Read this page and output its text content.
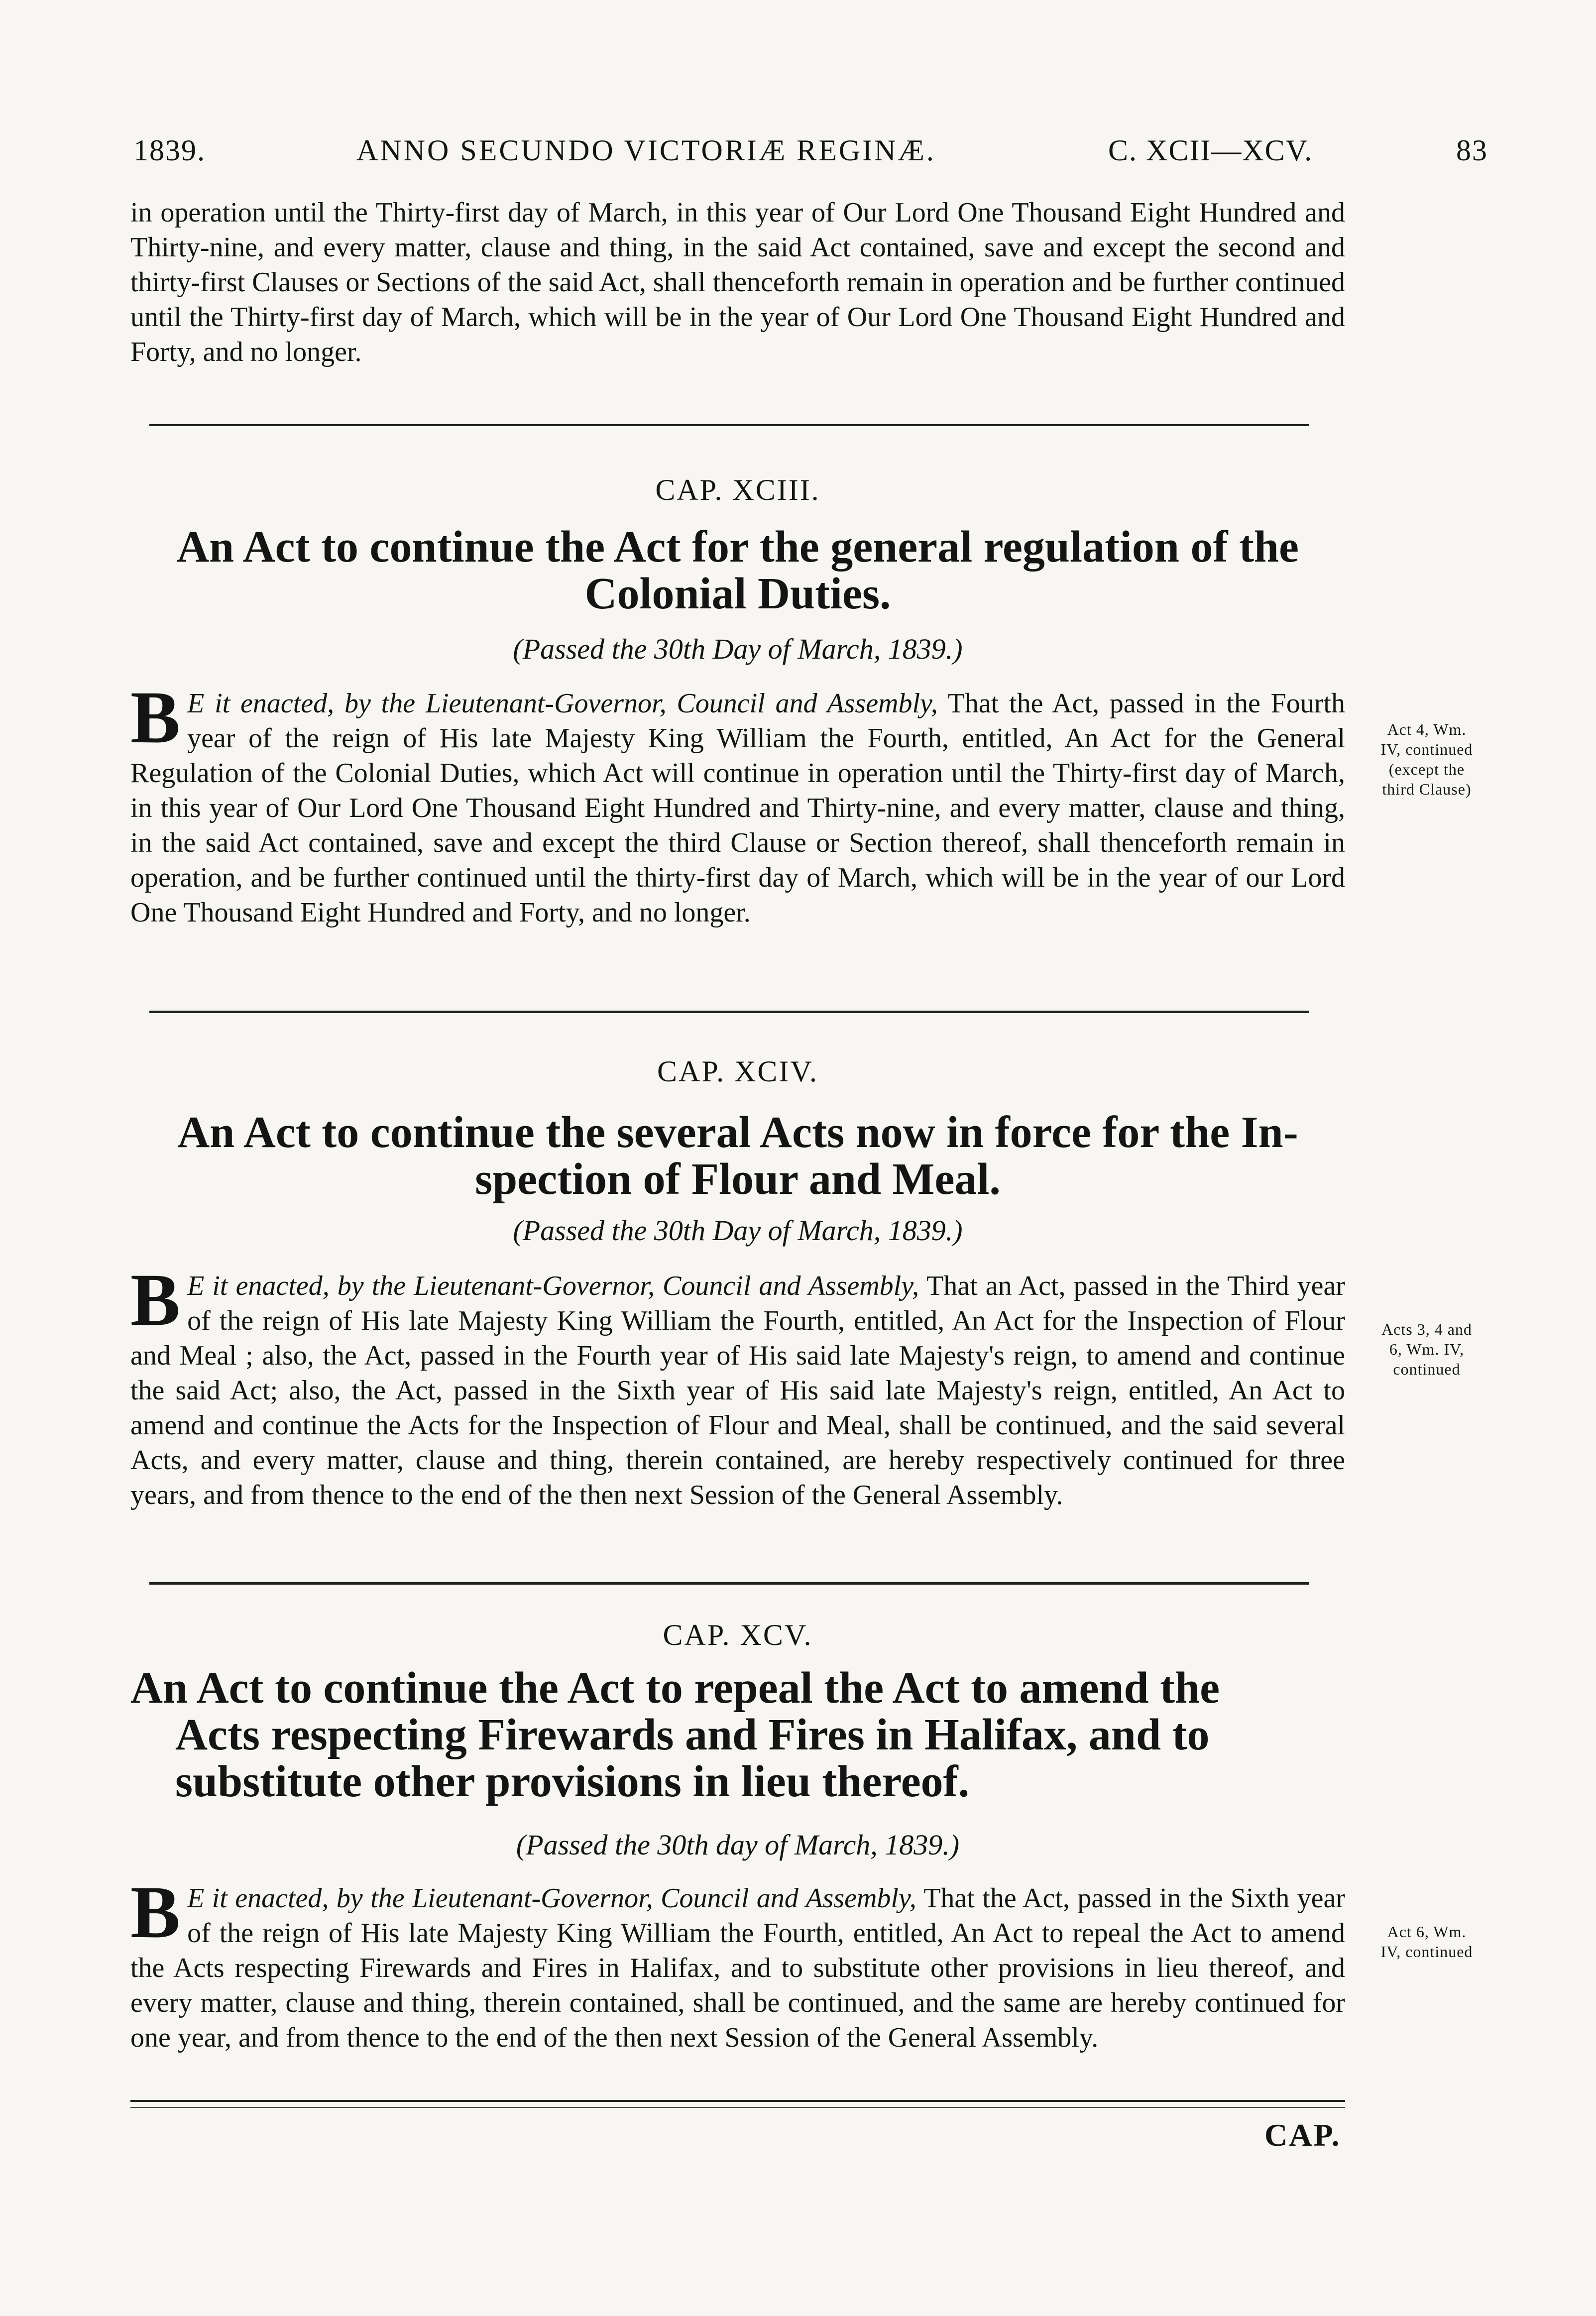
1839.	ANNO SECUNDO VICTORIÆ REGINÆ.	C. XCII—XCV.	83
in operation until the Thirty-first day of March, in this year of Our Lord One Thousand Eight Hundred and Thirty-nine, and every matter, clause and thing, in the said Act contained, save and except the second and thirty-first Clauses or Sections of the said Act, shall thenceforth remain in operation and be further continued until the Thirty-first day of March, which will be in the year of Our Lord One Thousand Eight Hundred and Forty, and no longer.
CAP. XCIII.
An Act to continue the Act for the general regulation of the
Colonial Duties.
(Passed the 30th Day of March, 1839.)
B E it enacted, by the Lieutenant-Governor, Council and Assembly, That the Act, passed in the Fourth year of the reign of His late Majesty King William the Fourth, entitled, An Act for the General Regulation of the Colonial Duties, which Act will continue in operation until the Thirty-first day of March, in this year of Our Lord One Thousand Eight Hundred and Thirty-nine, and every matter, clause and thing, in the said Act contained, save and except the third Clause or Section thereof, shall thenceforth remain in operation, and be further continued until the thirty-first day of March, which will be in the year of our Lord One Thousand Eight Hundred and Forty, and no longer.
Act 4, Wm.
IV, continued
(except the
third Clause)
CAP. XCIV.
An Act to continue the several Acts now in force for the In-
spection of Flour and Meal.
(Passed the 30th Day of March, 1839.)
B E it enacted, by the Lieutenant-Governor, Council and Assembly, That an Act, passed in the Third year of the reign of His late Majesty King William the Fourth, entitled, An Act for the Inspection of Flour and Meal ; also, the Act, passed in the Fourth year of His said late Majesty's reign, to amend and continue the said Act; also, the Act, passed in the Sixth year of His said late Majesty's reign, entitled, An Act to amend and continue the Acts for the Inspection of Flour and Meal, shall be continued, and the said several Acts, and every matter, clause and thing, therein contained, are hereby respectively continued for three years, and from thence to the end of the then next Session of the General Assembly.
Acts 3, 4 and
6, Wm. IV,
continued
CAP. XCV.
An Act to continue the Act to repeal the Act to amend the
Acts respecting Firewards and Fires in Halifax, and to
substitute other provisions in lieu thereof.
(Passed the 30th day of March, 1839.)
B E it enacted, by the Lieutenant-Governor, Council and Assembly, That the Act, passed in the Sixth year of the reign of His late Majesty King William the Fourth, entitled, An Act to repeal the Act to amend the Acts respecting Firewards and Fires in Halifax, and to substitute other provisions in lieu thereof, and every matter, clause and thing, therein contained, shall be continued, and the same are hereby continued for one year, and from thence to the end of the then next Session of the General Assembly.
Act 6, Wm.
IV, continued
CAP.
